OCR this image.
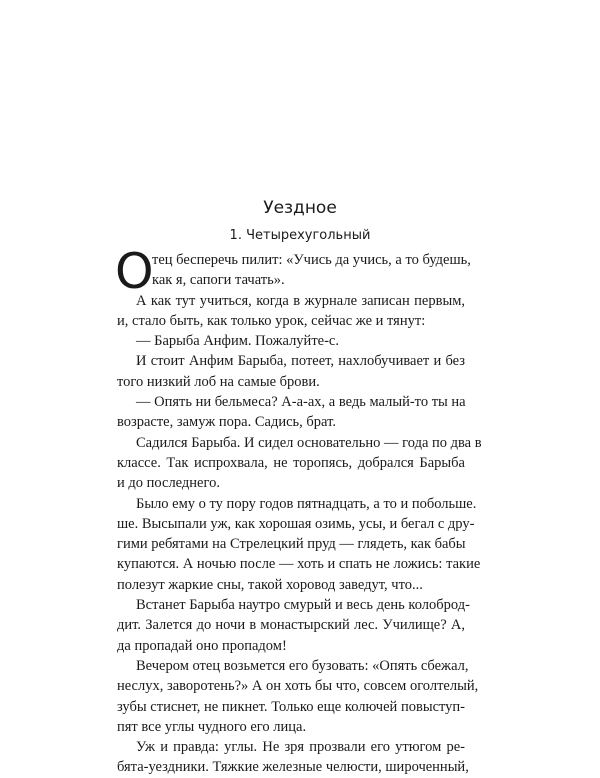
Уездное
1. Четырехугольный
О
тец бесперечь пилит: «Учись да учись, а то будешь,
как я, сапоги тачать».
А как тут учиться, когда в журнале записан первым,
и, стало быть, как только урок, сейчас же и тянут:
— Барыба Анфим. Пожалуйте-с.
И стоит Анфим Барыба, потеет, нахлобучивает и без
того низкий лоб на самые брови.
— Опять ни бельмеса? А-а-ах, а ведь малый-то ты на
возрасте, замуж пора. Садись, брат.
Садился Барыба. И сидел основательно — года по два в
классе. Так испрохвала, не торопясь, добрался Барыба
и до последнего.
Было ему о ту пору годов пятнадцать, а то и побольше.
ше. Высыпали уж, как хорошая озимь, усы, и бегал с дру-
гими ребятами на Стрелецкий пруд — глядеть, как бабы
купаются. А ночью после — хоть и спать не ложись: такие
полезут жаркие сны, такой хоровод заведут, что...
Встанет Барыба наутро смурый и весь день колоброд-
дит. Залется до ночи в монастырский лес. Училище? А,
да пропадай оно пропадом!
Вечером отец возьмется его бузовать: «Опять сбежал,
неслух, заворотень?» А он хоть бы что, совсем оголтелый,
зубы стиснет, не пикнет. Только еще колючей повыступ-
пят все углы чудного его лица.
Уж и правда: углы. Не зря прозвали его утюгом ре-
бята-уездники. Тяжкие железные челюсти, широченный,
